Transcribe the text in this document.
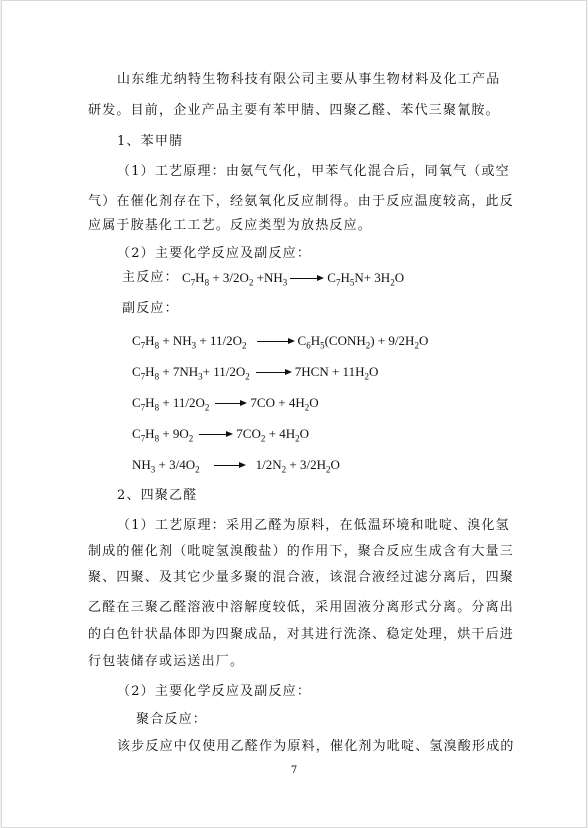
山东维尤纳特生物科技有限公司主要从事生物材料及化工产品
研发。目前，企业产品主要有苯甲腈、四聚乙醛、苯代三聚氰胺。
1、苯甲腈
（1）工艺原理：由氨气气化，甲苯气化混合后，同氧气（或空
气）在催化剂存在下，经氨氧化反应制得。由于反应温度较高，此反
应属于胺基化工工艺。反应类型为放热反应。
（2）主要化学反应及副反应：
主反应： $C_7H_8 + 3/2O_2 +NH_3$	$C_7H_5N+ 3H_2O$
副反应：
$C_7H_8 + NH_3 + 11/2O_2$	$C_6H_5(CONH_2) + 9/2H_2O$
$C_7H_8 + 7NH_3+ 11/2O_2$	$7HCN + 11H_2O$
$C_7H_8 + 11/2O_2$	$7CO + 4H_2O$
$C_7H_8 + 9O_2$	$7CO_2 + 4H_2O$
$NH_3 + 3/4O_2$	$1/2N_2 + 3/2H_2O$
2、四聚乙醛
（1）工艺原理：采用乙醛为原料，在低温环境和吡啶、溴化氢
制成的催化剂（吡啶氢溴酸盐）的作用下，聚合反应生成含有大量三
聚、四聚、及其它少量多聚的混合液，该混合液经过滤分离后，四聚
乙醛在三聚乙醛溶液中溶解度较低，采用固液分离形式分离。分离出
的白色针状晶体即为四聚成品，对其进行洗涤、稳定处理，烘干后进
行包装储存或运送出厂。
（2）主要化学反应及副反应：
聚合反应：
该步反应中仅使用乙醛作为原料，催化剂为吡啶、氢溴酸形成的
7
